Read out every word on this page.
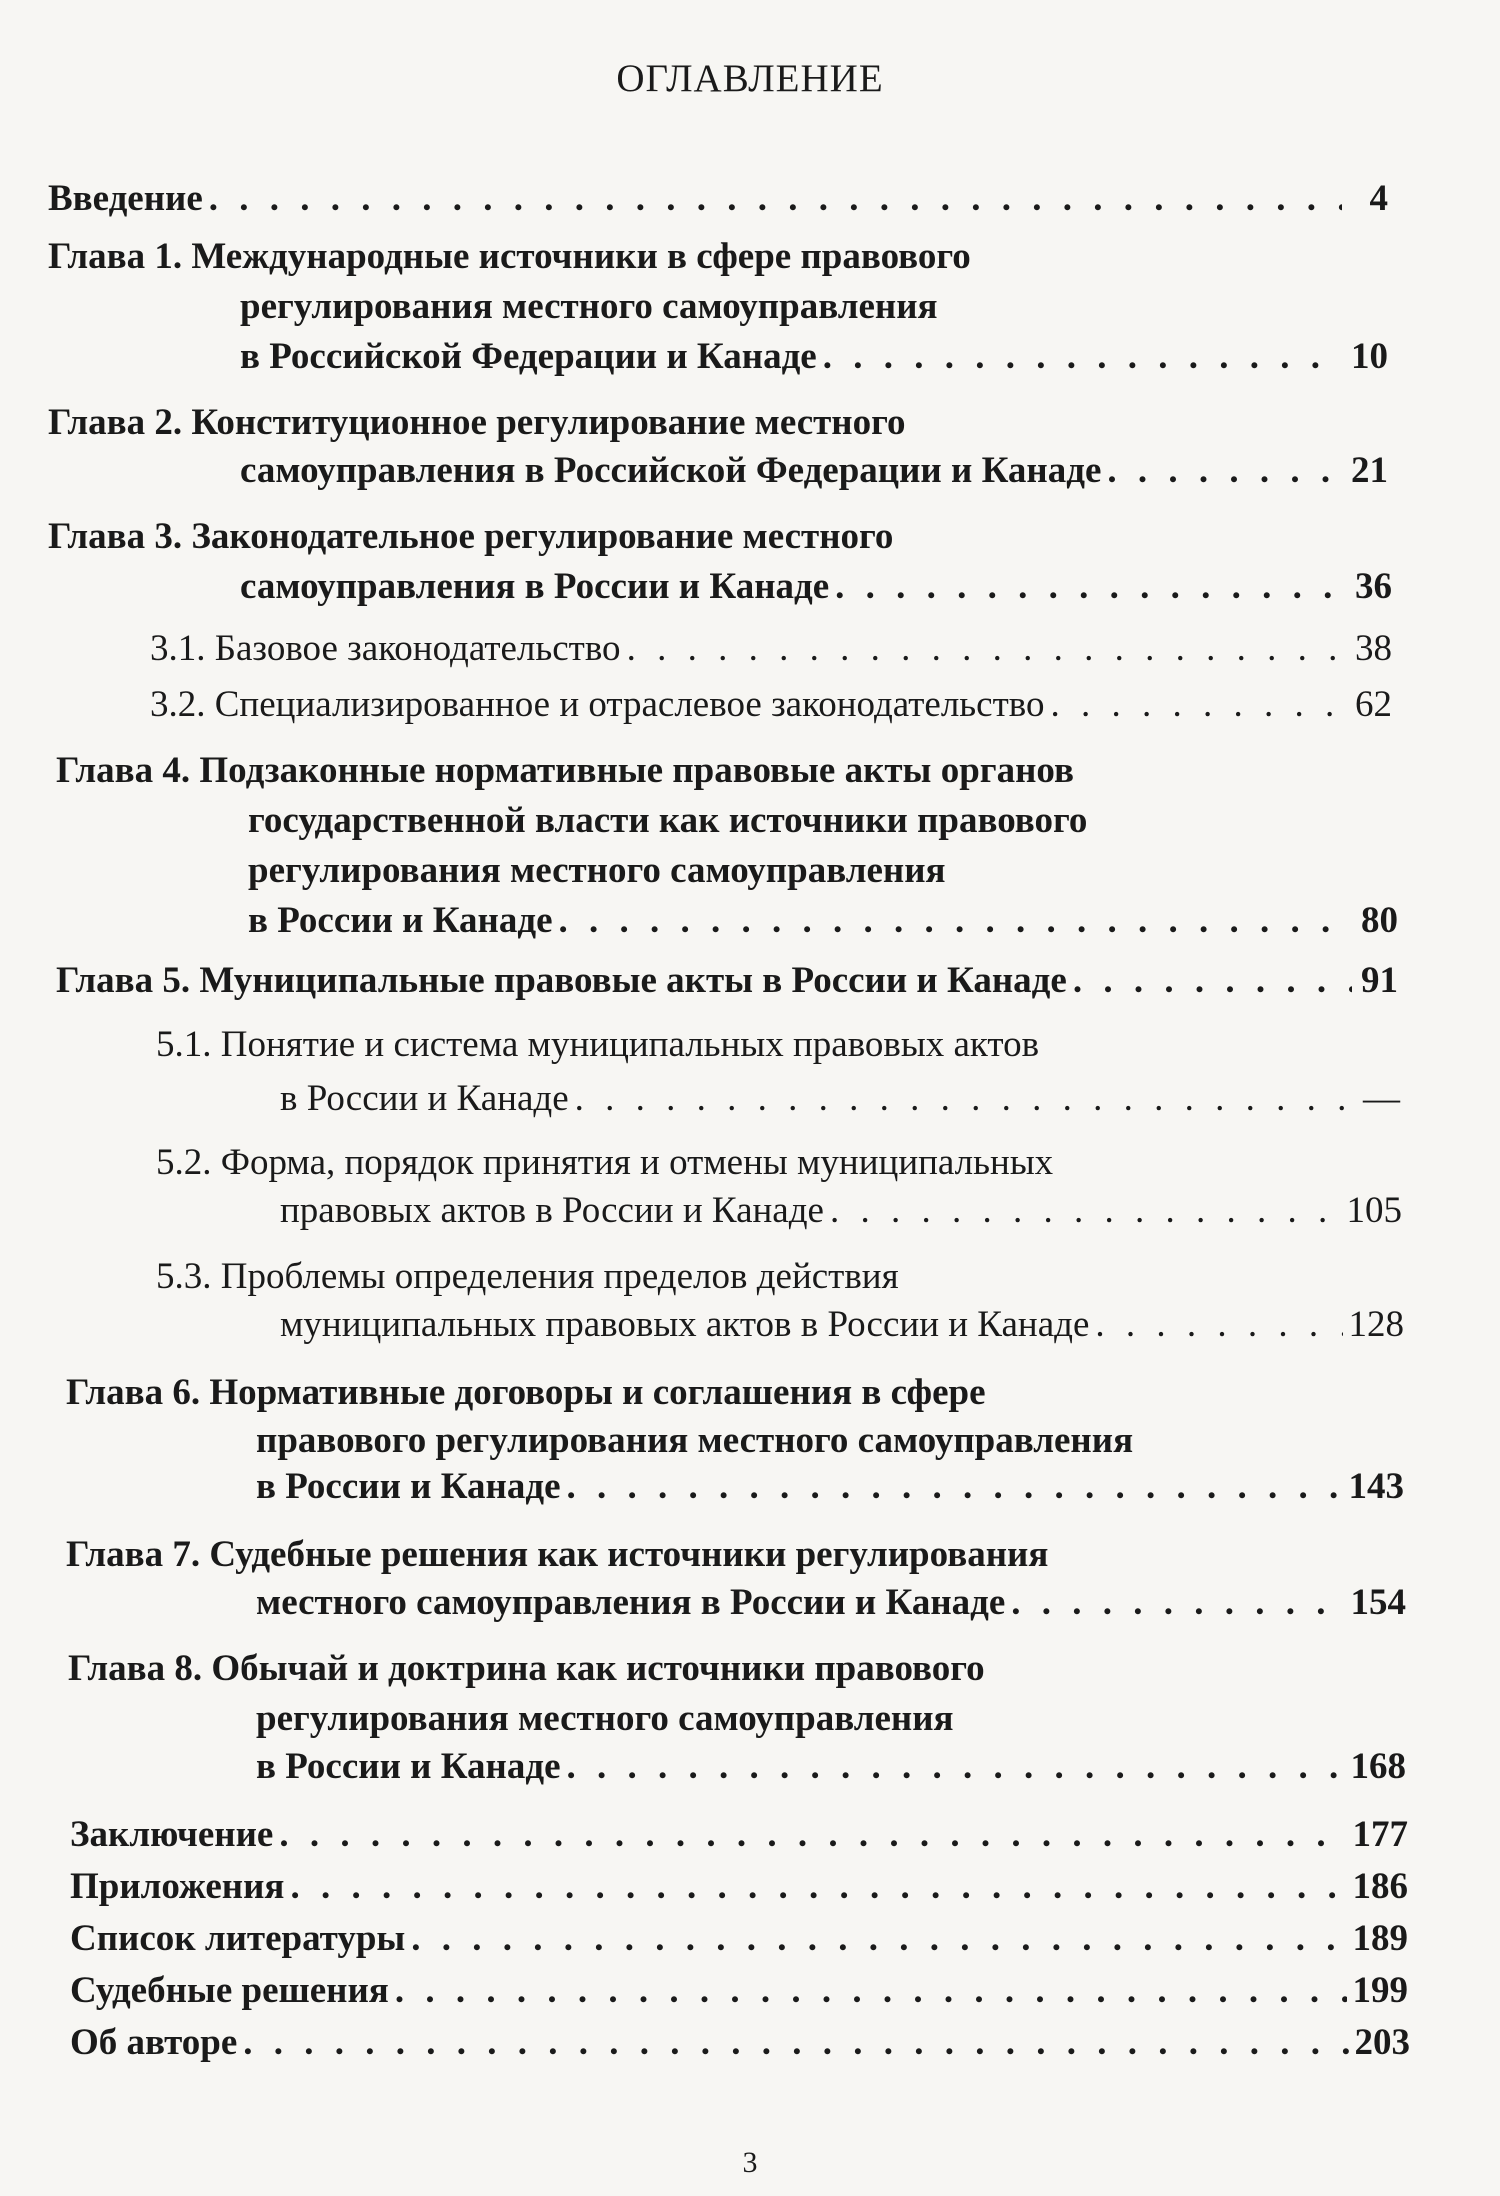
ОГЛАВЛЕНИЕ
Введение . . .	4
Глава 1. Международные источники в сфере правового
регулирования местного самоуправления
в Российской Федерации и Канаде . . .	10
Глава 2. Конституционное регулирование местного
самоуправления в Российской Федерации и Канаде . . .	21
Глава 3. Законодательное регулирование местного
самоуправления в России и Канаде . . .	36
3.1. Базовое законодательство . . .	38
3.2. Специализированное и отраслевое законодательство . . .	62
Глава 4. Подзаконные нормативные правовые акты органов
государственной власти как источники правового
регулирования местного самоуправления
в России и Канаде . . .	80
Глава 5. Муниципальные правовые акты в России и Канаде . . .	91
5.1. Понятие и система муниципальных правовых актов
в России и Канаде . . .	—
5.2. Форма, порядок принятия и отмены муниципальных
правовых актов в России и Канаде . . .	105
5.3. Проблемы определения пределов действия
муниципальных правовых актов в России и Канаде . . .	128
Глава 6. Нормативные договоры и соглашения в сфере
правового регулирования местного самоуправления
в России и Канаде . . .	143
Глава 7. Судебные решения как источники регулирования
местного самоуправления в России и Канаде . . .	154
Глава 8. Обычай и доктрина как источники правового
регулирования местного самоуправления
в России и Канаде . . .	168
Заключение . . .	177
Приложения . . .	186
Список литературы . . .	189
Судебные решения . . .	199
Об авторе . . .	203
3
